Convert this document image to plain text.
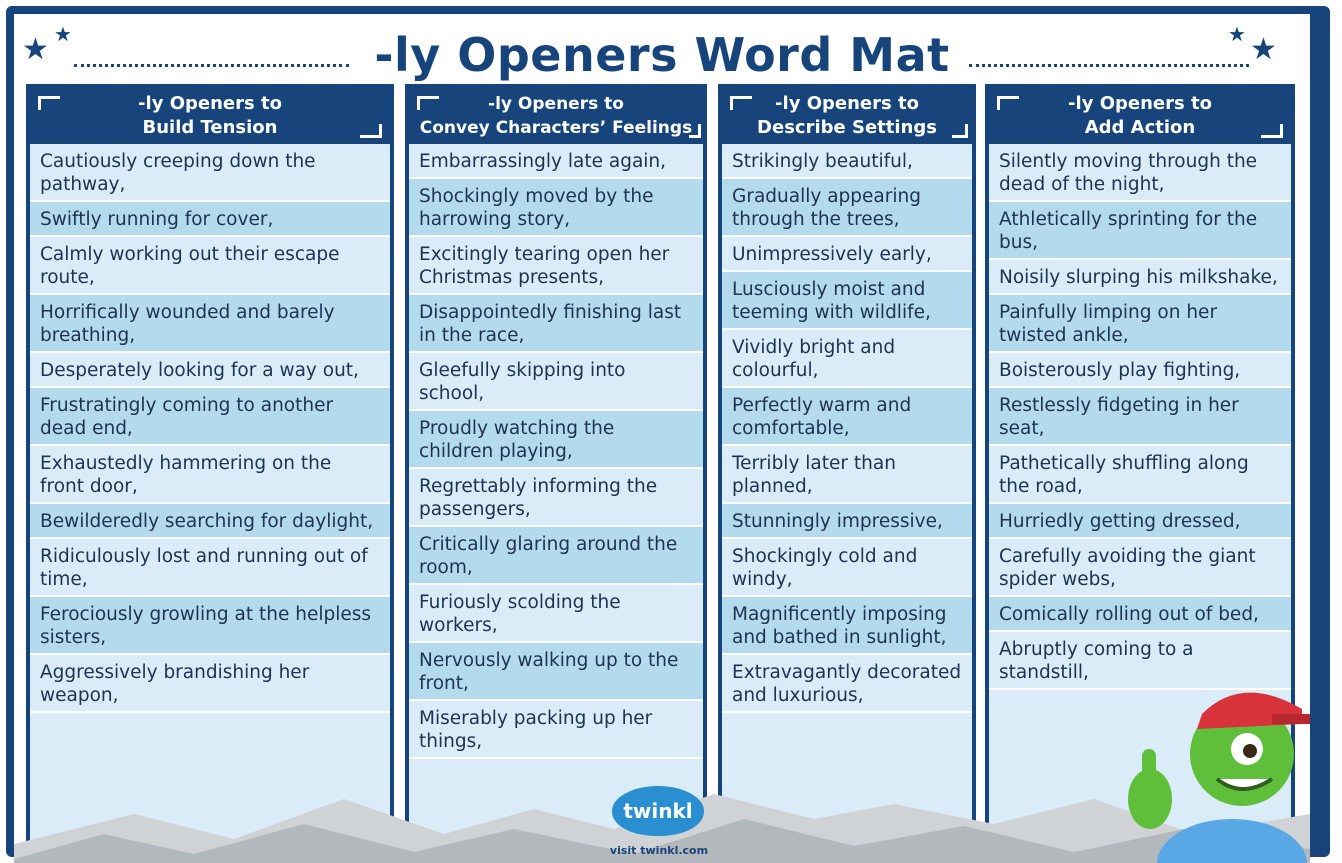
★ ★	-ly Openers Word Mat	★ ★
-ly Openers to
Build Tension
Cautiously creeping down the pathway,
Swiftly running for cover,
Calmly working out their escape route,
Horrifically wounded and barely breathing,
Desperately looking for a way out,
Frustratingly coming to another dead end,
Exhaustedly hammering on the front door,
Bewilderedly searching for daylight,
Ridiculously lost and running out of time,
Ferociously growling at the helpless sisters,
Aggressively brandishing her weapon,
-ly Openers to
Convey Characters’ Feelings
Embarrassingly late again,
Shockingly moved by the harrowing story,
Excitingly tearing open her Christmas presents,
Disappointedly finishing last in the race,
Gleefully skipping into school,
Proudly watching the children playing,
Regrettably informing the passengers,
Critically glaring around the room,
Furiously scolding the workers,
Nervously walking up to the front,
Miserably packing up her things,
-ly Openers to
Describe Settings
Strikingly beautiful,
Gradually appearing through the trees,
Unimpressively early,
Lusciously moist and teeming with wildlife,
Vividly bright and colourful,
Perfectly warm and comfortable,
Terribly later than planned,
Stunningly impressive,
Shockingly cold and windy,
Magnificently imposing and bathed in sunlight,
Extravagantly decorated and luxurious,
-ly Openers to
Add Action
Silently moving through the dead of the night,
Athletically sprinting for the bus,
Noisily slurping his milkshake,
Painfully limping on her twisted ankle,
Boisterously play fighting,
Restlessly fidgeting in her seat,
Pathetically shuffling along the road,
Hurriedly getting dressed,
Carefully avoiding the giant spider webs,
Comically rolling out of bed,
Abruptly coming to a standstill,
twinkl
visit twinkl.com
